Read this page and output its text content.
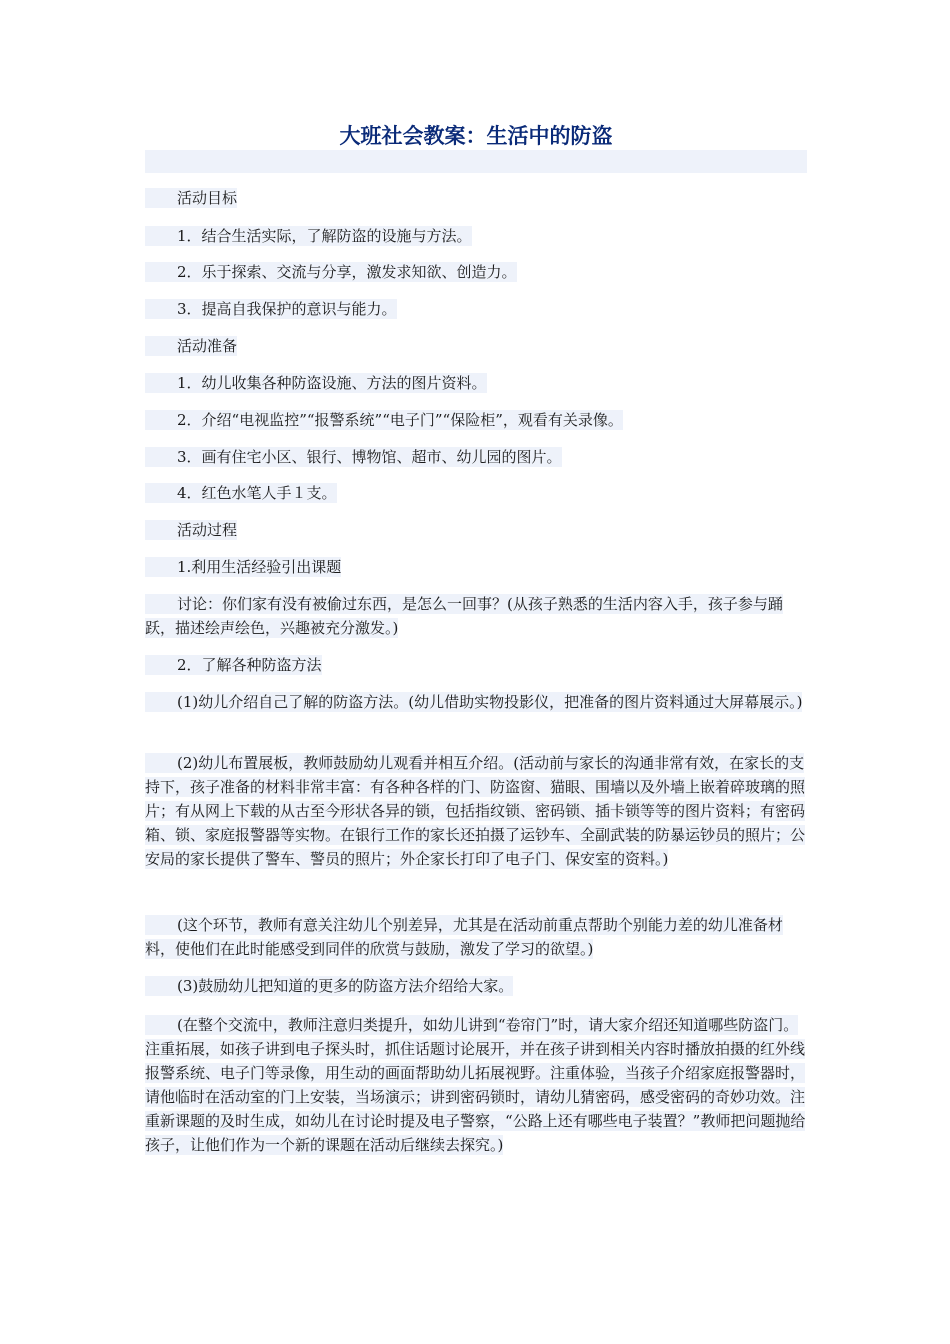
大班社会教案：生活中的防盗

活动目标

1．结合生活实际，了解防盗的设施与方法。

2．乐于探索、交流与分享，激发求知欲、创造力。

3．提高自我保护的意识与能力。

活动准备

1．幼儿收集各种防盗设施、方法的图片资料。

2．介绍“电视监控”“报警系统”“电子门”“保险柜”，观看有关录像。

3．画有住宅小区、银行、博物馆、超市、幼儿园的图片。

4．红色水笔人手１支。

活动过程

1.利用生活经验引出课题

讨论：你们家有没有被偷过东西，是怎么一回事？(从孩子熟悉的生活内容入手，孩子参与踊跃，描述绘声绘色，兴趣被充分激发。)

2．了解各种防盗方法

(1)幼儿介绍自己了解的防盗方法。(幼儿借助实物投影仪，把准备的图片资料通过大屏幕展示。)

(2)幼儿布置展板，教师鼓励幼儿观看并相互介绍。(活动前与家长的沟通非常有效，在家长的支持下，孩子准备的材料非常丰富：有各种各样的门、防盗窗、猫眼、围墙以及外墙上嵌着碎玻璃的照片；有从网上下载的从古至今形状各异的锁，包括指纹锁、密码锁、插卡锁等等的图片资料；有密码箱、锁、家庭报警器等实物。在银行工作的家长还拍摄了运钞车、全副武装的防暴运钞员的照片；公安局的家长提供了警车、警员的照片；外企家长打印了电子门、保安室的资料。)

(这个环节，教师有意关注幼儿个别差异，尤其是在活动前重点帮助个别能力差的幼儿准备材料，使他们在此时能感受到同伴的欣赏与鼓励，激发了学习的欲望。)

(3)鼓励幼儿把知道的更多的防盗方法介绍给大家。

(在整个交流中，教师注意归类提升，如幼儿讲到“卷帘门”时，请大家介绍还知道哪些防盗门。注重拓展，如孩子讲到电子探头时，抓住话题讨论展开，并在孩子讲到相关内容时播放拍摄的红外线报警系统、电子门等录像，用生动的画面帮助幼儿拓展视野。注重体验，当孩子介绍家庭报警器时，请他临时在活动室的门上安装，当场演示；讲到密码锁时，请幼儿猜密码，感受密码的奇妙功效。注重新课题的及时生成，如幼儿在讨论时提及电子警察，“公路上还有哪些电子装置？”教师把问题抛给孩子，让他们作为一个新的课题在活动后继续去探究。)
